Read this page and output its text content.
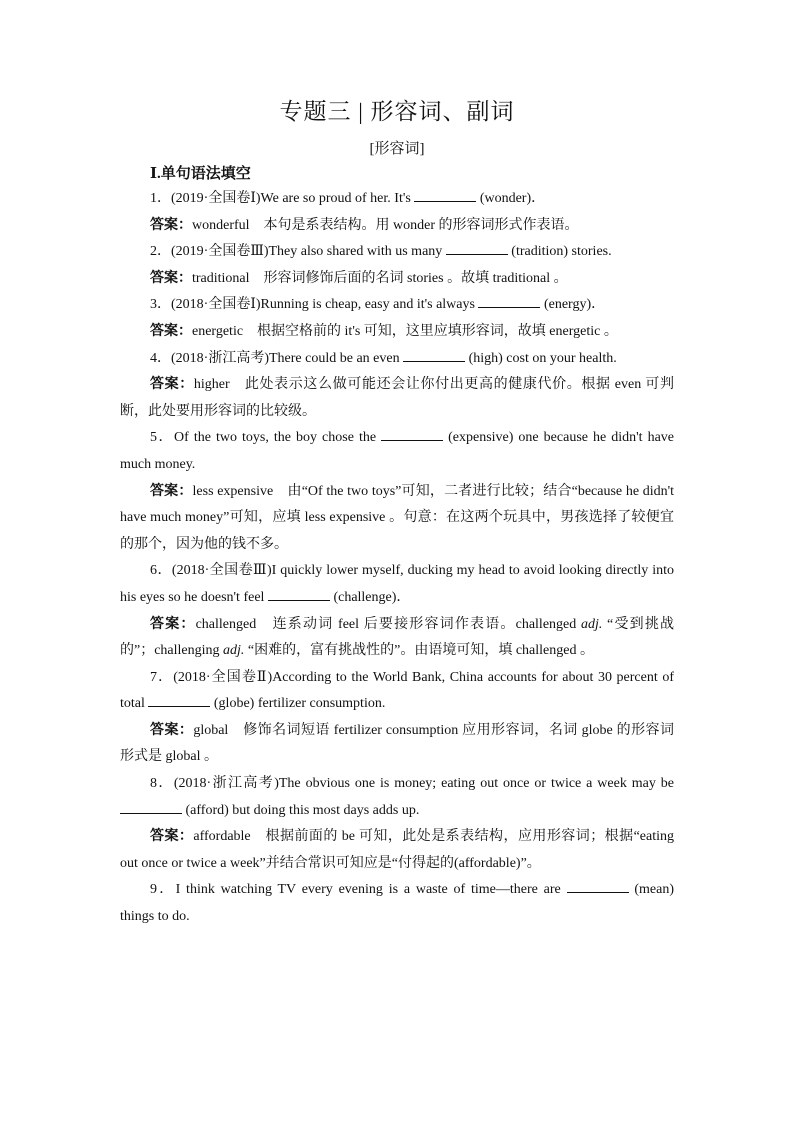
专题三 | 形容词、副词
[形容词]
Ⅰ.单句语法填空
1．(2019·全国卷Ⅰ)We are so proud of her. It's	(wonder)．
答案：wonderful　本句是系表结构。用 wonder 的形容词形式作表语。
2．(2019·全国卷Ⅲ)They also shared with us many	(tradition) stories.
答案：traditional　形容词修饰后面的名词 stories 。故填 traditional 。
3．(2018·全国卷Ⅰ)Running is cheap, easy and it's always	(energy)．
答案：energetic　根据空格前的 it's 可知，这里应填形容词，故填 energetic 。
4．(2018·浙江高考)There could be an even	(high) cost on your health.
答案：higher　此处表示这么做可能还会让你付出更高的健康代价。根据 even 可判断，此处要用形容词的比较级。
5．Of the two toys, the boy chose the	(expensive) one because he didn't have much money.
答案：less expensive　由“Of the two toys”可知，二者进行比较；结合“because he didn't have much money”可知，应填 less expensive 。句意：在这两个玩具中，男孩选择了较便宜的那个，因为他的钱不多。
6．(2018·全国卷Ⅲ)I quickly lower myself, ducking my head to avoid looking directly into his eyes so he doesn't feel	(challenge)．
答案：challenged　连系动词 feel 后要接形容词作表语。challenged adj. “受到挑战的”；challenging adj. “困难的，富有挑战性的”。由语境可知，填 challenged 。
7．(2018·全国卷Ⅱ)According to the World Bank, China accounts for about 30 percent of total	(globe) fertilizer consumption.
答案：global　修饰名词短语 fertilizer consumption 应用形容词，名词 globe 的形容词形式是 global 。
8．(2018·浙江高考)The obvious one is money; eating out once or twice a week may be  (afford) but doing this most days adds up.
答案：affordable　根据前面的 be 可知，此处是系表结构，应用形容词；根据“eating out once or twice a week”并结合常识可知应是“付得起的(affordable)”。
9．I think watching TV every evening is a waste of time—there are	(mean) things to do.
